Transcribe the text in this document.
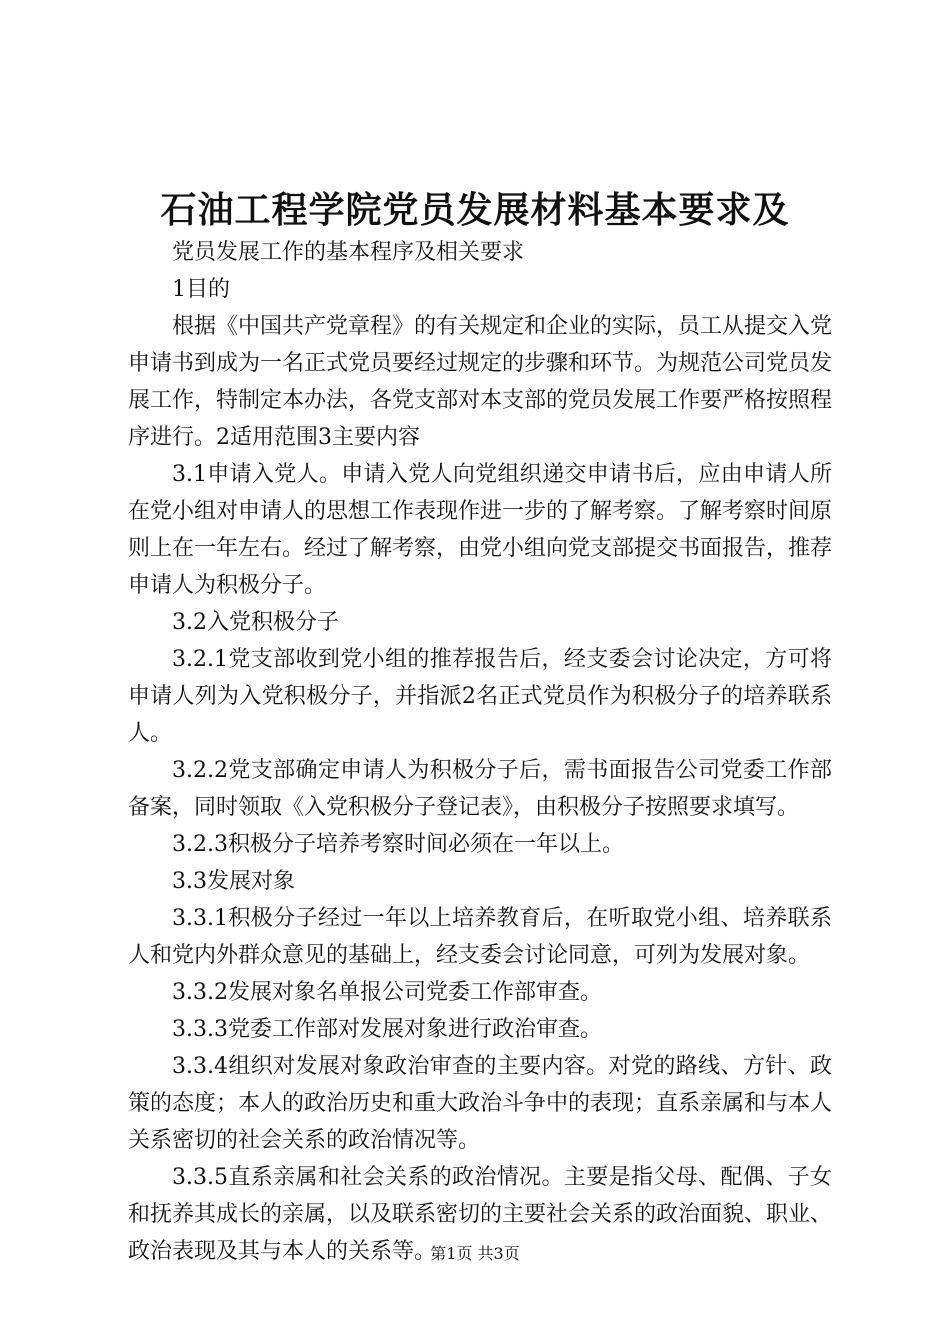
石油工程学院党员发展材料基本要求及

党员发展工作的基本程序及相关要求

1目的

根据《中国共产党章程》的有关规定和企业的实际，员工从提交入党申请书到成为一名正式党员要经过规定的步骤和环节。为规范公司党员发展工作，特制定本办法，各党支部对本支部的党员发展工作要严格按照程序进行。2适用范围3主要内容

3.1申请入党人。申请入党人向党组织递交申请书后，应由申请人所在党小组对申请人的思想工作表现作进一步的了解考察。了解考察时间原则上在一年左右。经过了解考察，由党小组向党支部提交书面报告，推荐申请人为积极分子。

3.2入党积极分子

3.2.1党支部收到党小组的推荐报告后，经支委会讨论决定，方可将申请人列为入党积极分子，并指派2名正式党员作为积极分子的培养联系人。

3.2.2党支部确定申请人为积极分子后，需书面报告公司党委工作部备案，同时领取《入党积极分子登记表》，由积极分子按照要求填写。

3.2.3积极分子培养考察时间必须在一年以上。

3.3发展对象

3.3.1积极分子经过一年以上培养教育后，在听取党小组、培养联系人和党内外群众意见的基础上，经支委会讨论同意，可列为发展对象。

3.3.2发展对象名单报公司党委工作部审查。

3.3.3党委工作部对发展对象进行政治审查。

3.3.4组织对发展对象政治审查的主要内容。对党的路线、方针、政策的态度；本人的政治历史和重大政治斗争中的表现；直系亲属和与本人关系密切的社会关系的政治情况等。

3.3.5直系亲属和社会关系的政治情况。主要是指父母、配偶、子女和抚养其成长的亲属，以及联系密切的主要社会关系的政治面貌、职业、政治表现及其与本人的关系等。

第1页 共3页
